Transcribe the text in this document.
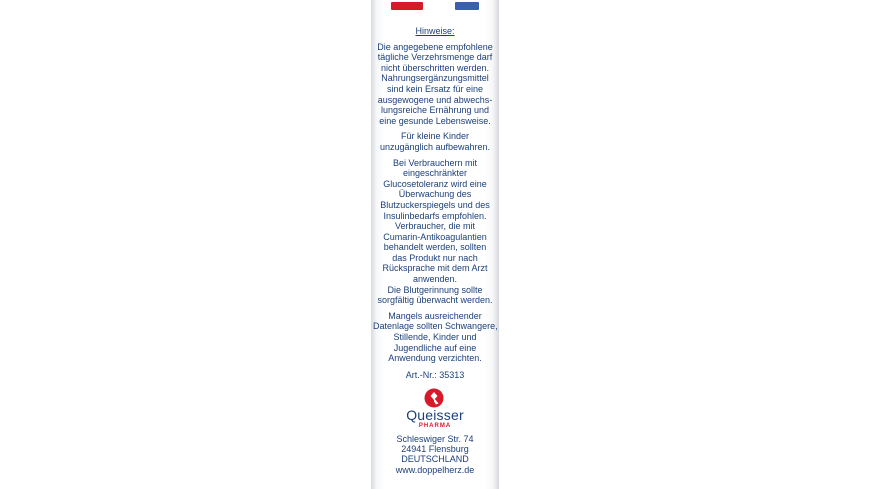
Hinweise:
Die angegebene empfohlene
tägliche Verzehrsmenge darf
nicht überschritten werden.
Nahrungsergänzungsmittel
sind kein Ersatz für eine
ausgewogene und abwechs-
lungsreiche Ernährung und
eine gesunde Lebensweise.
Für kleine Kinder
unzugänglich aufbewahren.
Bei Verbrauchern mit
eingeschränkter
Glucosetoleranz wird eine
Überwachung des
Blutzuckerspiegels und des
Insulinbedarfs empfohlen.
Verbraucher, die mit
Cumarin-Antikoagulantien
behandelt werden, sollten
das Produkt nur nach
Rücksprache mit dem Arzt
anwenden.
Die Blutgerinnung sollte
sorgfältig überwacht werden.
Mangels ausreichender
Datenlage sollten Schwangere,
Stillende, Kinder und
Jugendliche auf eine
Anwendung verzichten.
Art.-Nr.: 35313
Queisser
PHARMA
Schleswiger Str. 74
24941 Flensburg
DEUTSCHLAND
www.doppelherz.de
